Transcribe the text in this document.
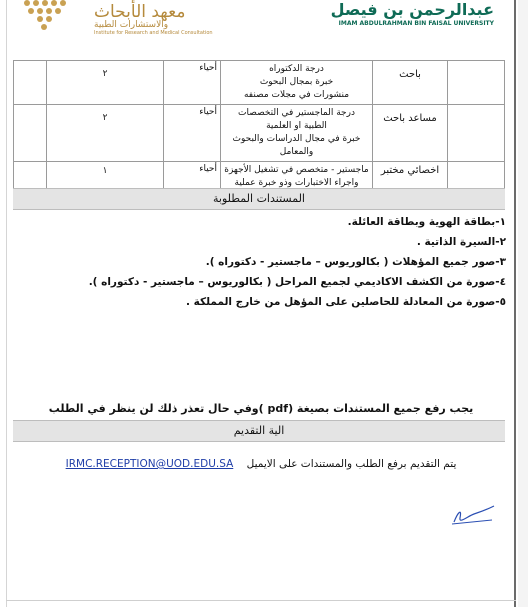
معهد الأبحاث
والاستشارات الطبية
Institute for Research and Medical Consultation
عبدالرحمن بن فيصل
IMAM ABDULRAHMAN BIN FAISAL UNIVERSITY
	باحث	درجة الدكتوراه
خبرة بمجال البحوث
منشورات في مجلات مصنفه	أحياء	٢	
	مساعد باحث	درجة الماجستير في التخصصات
الطبية او العلمية
خبرة في مجال الدراسات والبحوث
والمعامل	أحياء	٢	
	اخصائي مختبر	ماجستير - متخصص في تشغيل الأجهزة
واجراء الاختبارات وذو خبرة عملية	أحياء	١	
المستندات المطلوبة
١-بطاقة الهوية وبطاقة العائلة.
٢-السيرة الذاتية .
٣-صور جميع المؤهلات ( بكالوريوس – ماجستير - دكتوراه ).
٤-صورة من الكشف الاكاديمي لجميع المراحل ( بكالوريوس – ماجستير - دكتوراه ).
٥-صورة من المعادلة للحاصلين على المؤهل من خارج المملكة .
يجب رفع جميع المستندات بصيغة (pdf )وفي حال تعذر ذلك لن ينظر في الطلب
الية التقديم
يتم التقديم برفع الطلب والمستندات على الايميل    IRMC.RECEPTION@UOD.EDU.SA
